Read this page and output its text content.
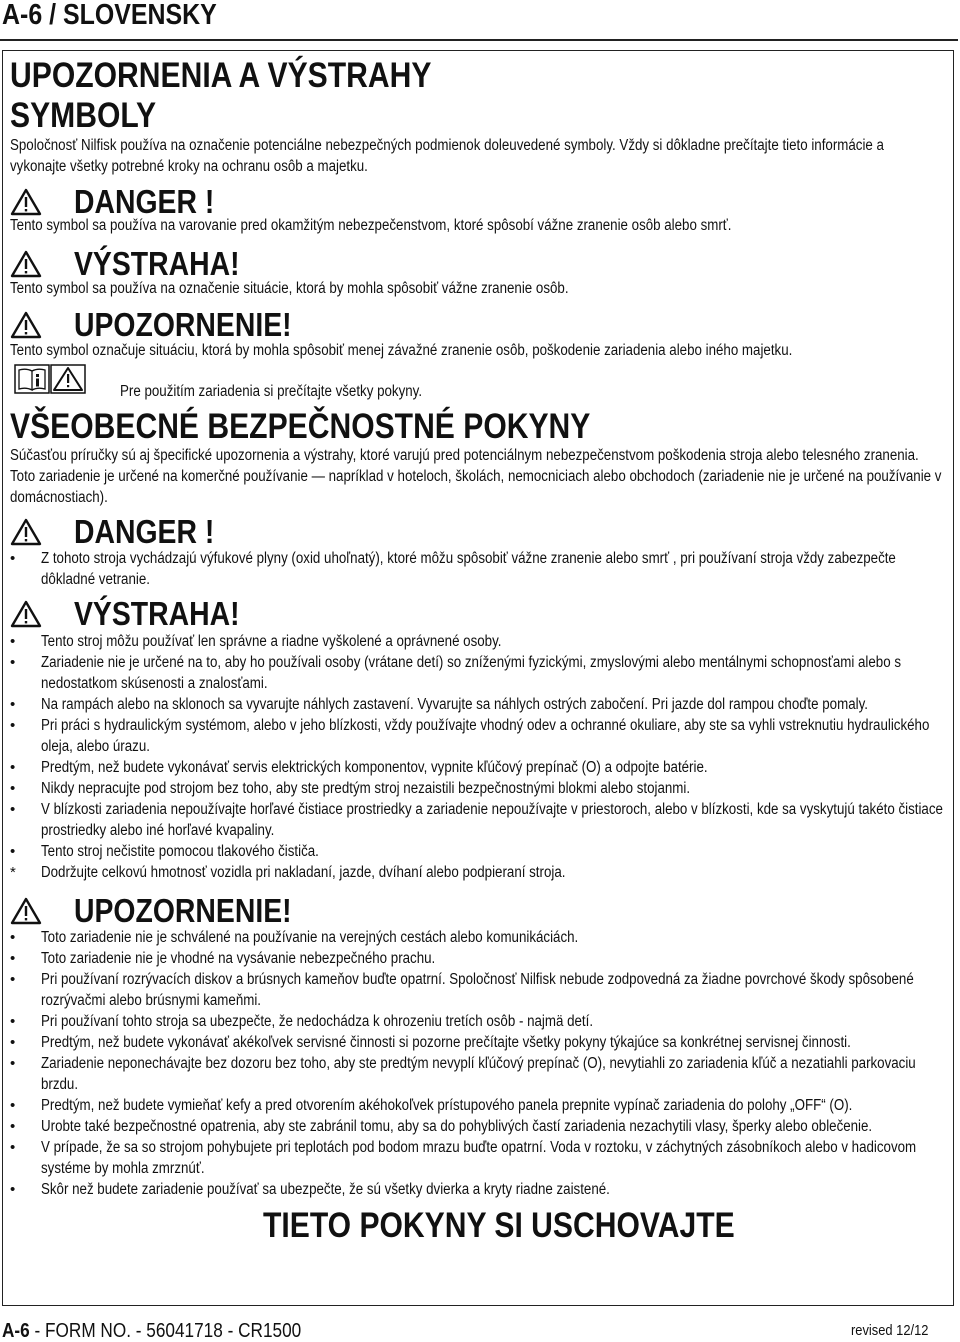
A-6 / SLOVENSKY
UPOZORNENIA A VÝSTRAHY
SYMBOLY
Spoločnosť Nilfisk používa na označenie potenciálne nebezpečných podmienok doleuvedené symboly. Vždy si dôkladne prečítajte tieto informácie a vykonajte všetky potrebné kroky na ochranu osôb a majetku.
DANGER !
Tento symbol sa používa na varovanie pred okamžitým nebezpečenstvom, ktoré spôsobí vážne zranenie osôb alebo smrť.
VÝSTRAHA!
Tento symbol sa používa na označenie situácie, ktorá by mohla spôsobiť vážne zranenie osôb.
UPOZORNENIE!
Tento symbol označuje situáciu, ktorá by mohla spôsobiť menej závažné zranenie osôb, poškodenie zariadenia alebo iného majetku.
Pre použitím zariadenia si prečítajte všetky pokyny.
VŠEOBECNÉ BEZPEČNOSTNÉ POKYNY
Súčasťou príručky sú aj špecifické upozornenia a výstrahy, ktoré varujú pred potenciálnym nebezpečenstvom poškodenia stroja alebo telesného zranenia. Toto zariadenie je určené na komerčné používanie — napríklad v hoteloch, školách, nemocniciach alebo obchodoch (zariadenie nie je určené na používanie v domácnostiach).
DANGER !
• Z tohoto stroja vychádzajú výfukové plyny (oxid uhoľnatý), ktoré môžu spôsobiť vážne zranenie alebo smrť , pri používaní stroja vždy zabezpečte dôkladné vetranie.
VÝSTRAHA!
• Tento stroj môžu používať len správne a riadne vyškolené a oprávnené osoby.
• Zariadenie nie je určené na to, aby ho používali osoby (vrátane detí) so zníženými fyzickými, zmyslovými alebo mentálnymi schopnosťami alebo s nedostatkom skúsenosti a znalosťami.
• Na rampách alebo na sklonoch sa vyvarujte náhlych zastavení. Vyvarujte sa náhlych ostrých zabočení. Pri jazde dol rampou choďte pomaly.
• Pri práci s hydraulickým systémom, alebo v jeho blízkosti, vždy používajte vhodný odev a ochranné okuliare, aby ste sa vyhli vstreknutiu hydraulického oleja, alebo úrazu.
• Predtým, než budete vykonávať servis elektrických komponentov, vypnite kľúčový prepínač (O) a odpojte batérie.
• Nikdy nepracujte pod strojom bez toho, aby ste predtým stroj nezaistili bezpečnostnými blokmi alebo stojanmi.
• V blízkosti zariadenia nepoužívajte horľavé čistiace prostriedky a zariadenie nepoužívajte v priestoroch, alebo v blízkosti, kde sa vyskytujú takéto čistiace prostriedky alebo iné horľavé kvapaliny.
• Tento stroj nečistite pomocou tlakového čističa.
* Dodržujte celkovú hmotnosť vozidla pri nakladaní, jazde, dvíhaní alebo podpieraní stroja.
UPOZORNENIE!
• Toto zariadenie nie je schválené na používanie na verejných cestách alebo komunikáciách.
• Toto zariadenie nie je vhodné na vysávanie nebezpečného prachu.
• Pri používaní rozrývacích diskov a brúsnych kameňov buďte opatrní. Spoločnosť Nilfisk nebude zodpovedná za žiadne povrchové škody spôsobené rozrývačmi alebo brúsnymi kameňmi.
• Pri používaní tohto stroja sa ubezpečte, že nedochádza k ohrozeniu tretích osôb - najmä detí.
• Predtým, než budete vykonávať akékoľvek servisné činnosti si pozorne prečítajte všetky pokyny týkajúce sa konkrétnej servisnej činnosti.
• Zariadenie neponechávajte bez dozoru bez toho, aby ste predtým nevyplí kľúčový prepínač (O), nevytiahli zo zariadenia kľúč a nezatiahli parkovaciu brzdu.
• Predtým, než budete vymieňať kefy a pred otvorením akéhokoľvek prístupového panela prepnite vypínač zariadenia do polohy „OFF“ (O).
• Urobte také bezpečnostné opatrenia, aby ste zabránil tomu, aby sa do pohyblivých častí zariadenia nezachytili vlasy, šperky alebo oblečenie.
• V prípade, že sa so strojom pohybujete pri teplotách pod bodom mrazu buďte opatrní. Voda v roztoku, v záchytných zásobníkoch alebo v hadicovom systéme by mohla zmrznúť.
• Skôr než budete zariadenie používať sa ubezpečte, že sú všetky dvierka a kryty riadne zaistené.
TIETO POKYNY SI USCHOVAJTE
A-6 - FORM NO. - 56041718 - CR1500	revised 12/12
